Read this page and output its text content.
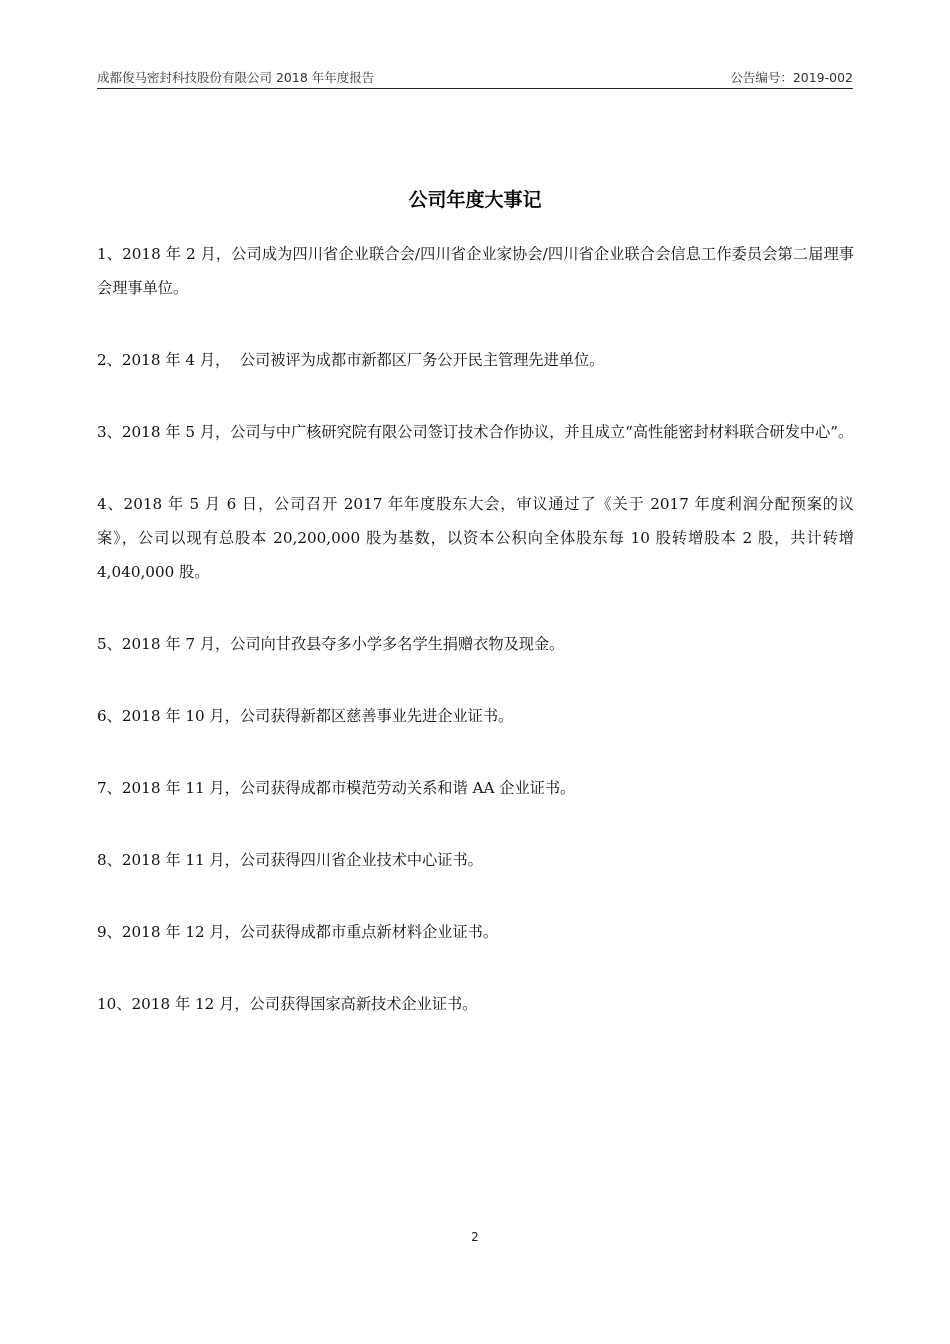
成都俊马密封科技股份有限公司 2018 年年度报告	公告编号：2019-002
公司年度大事记
1、2018 年 2 月，公司成为四川省企业联合会/四川省企业家协会/四川省企业联合会信息工作委员会第二届理事会理事单位。
2、2018 年 4 月，  公司被评为成都市新都区厂务公开民主管理先进单位。
3、2018 年 5 月，公司与中广核研究院有限公司签订技术合作协议，并且成立“高性能密封材料联合研发中心”。
4、2018 年 5 月 6 日，公司召开 2017 年年度股东大会，审议通过了《关于 2017 年度利润分配预案的议案》，公司以现有总股本 20,200,000 股为基数，以资本公积向全体股东每 10 股转增股本 2 股，共计转增 4,040,000 股。
5、2018 年 7 月，公司向甘孜县夺多小学多名学生捐赠衣物及现金。
6、2018 年 10 月，公司获得新都区慈善事业先进企业证书。
7、2018 年 11 月，公司获得成都市模范劳动关系和谐 AA 企业证书。
8、2018 年 11 月，公司获得四川省企业技术中心证书。
9、2018 年 12 月，公司获得成都市重点新材料企业证书。
10、2018 年 12 月，公司获得国家高新技术企业证书。
2
